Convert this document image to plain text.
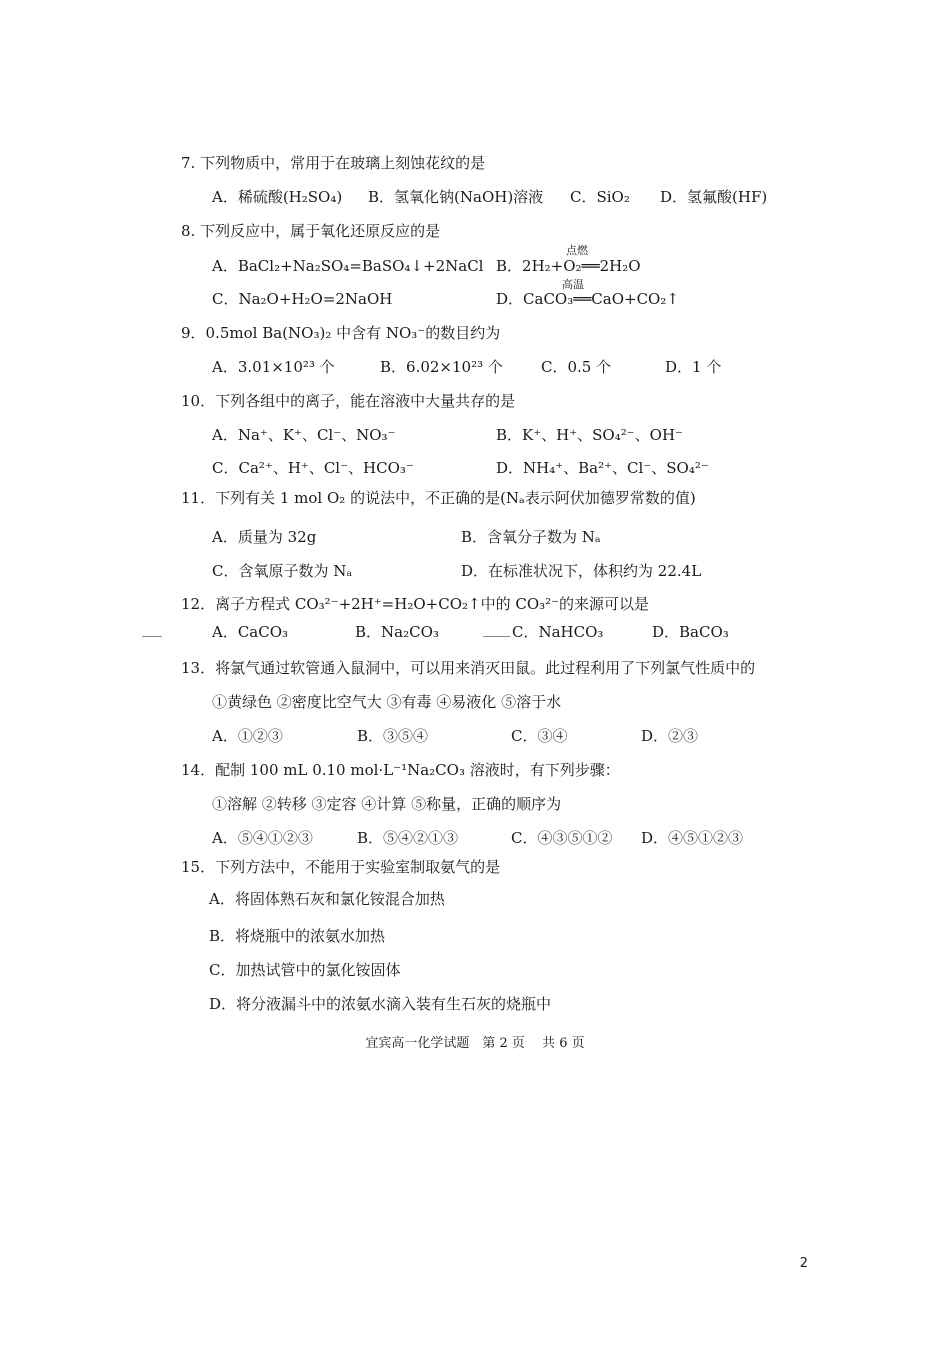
7. 下列物质中，常用于在玻璃上刻蚀花纹的是
A．稀硫酸(H₂SO₄) B．氢氧化钠(NaOH)溶液 C．SiO₂ D．氢氟酸(HF)
8. 下列反应中，属于氧化还原反应的是
A．BaCl₂+Na₂SO₄=BaSO₄↓+2NaCl
点燃
B．2H₂+O₂══2H₂O
C．Na₂O+H₂O=2NaOH
高温
D．CaCO₃══CaO+CO₂↑
9．0.5mol Ba(NO₃)₂ 中含有 NO₃⁻的数目约为
A．3.01×10²³ 个	B．6.02×10²³ 个	C．0.5 个	D．1 个
10．下列各组中的离子，能在溶液中大量共存的是
A．Na⁺、K⁺、Cl⁻、NO₃⁻	B．K⁺、H⁺、SO₄²⁻、OH⁻
C．Ca²⁺、H⁺、Cl⁻、HCO₃⁻	D．NH₄⁺、Ba²⁺、Cl⁻、SO₄²⁻
11．下列有关 1 mol O₂ 的说法中，不正确的是(Nₐ表示阿伏加德罗常数的值)
A．质量为 32g	B．含氧分子数为 Nₐ
C．含氧原子数为 Nₐ	D．在标准状况下，体积约为 22.4L
12．离子方程式 CO₃²⁻+2H⁺=H₂O+CO₂↑中的 CO₃²⁻的来源可以是
A．CaCO₃	B．Na₂CO₃	C．NaHCO₃	D．BaCO₃
13．将氯气通过软管通入鼠洞中，可以用来消灭田鼠。此过程利用了下列氯气性质中的
①黄绿色 ②密度比空气大 ③有毒 ④易液化 ⑤溶于水
A．①②③	B．③⑤④	C．③④	D．②③
14．配制 100 mL 0.10 mol·L⁻¹Na₂CO₃ 溶液时，有下列步骤：
①溶解 ②转移 ③定容 ④计算 ⑤称量，正确的顺序为
A．⑤④①②③	B．⑤④②①③	C．④③⑤①② D．④⑤①②③
15．下列方法中，不能用于实验室制取氨气的是
A．将固体熟石灰和氯化铵混合加热
B．将烧瓶中的浓氨水加热
C．加热试管中的氯化铵固体
D．将分液漏斗中的浓氨水滴入装有生石灰的烧瓶中
宜宾高一化学试题　第 2 页　 共 6 页
2
